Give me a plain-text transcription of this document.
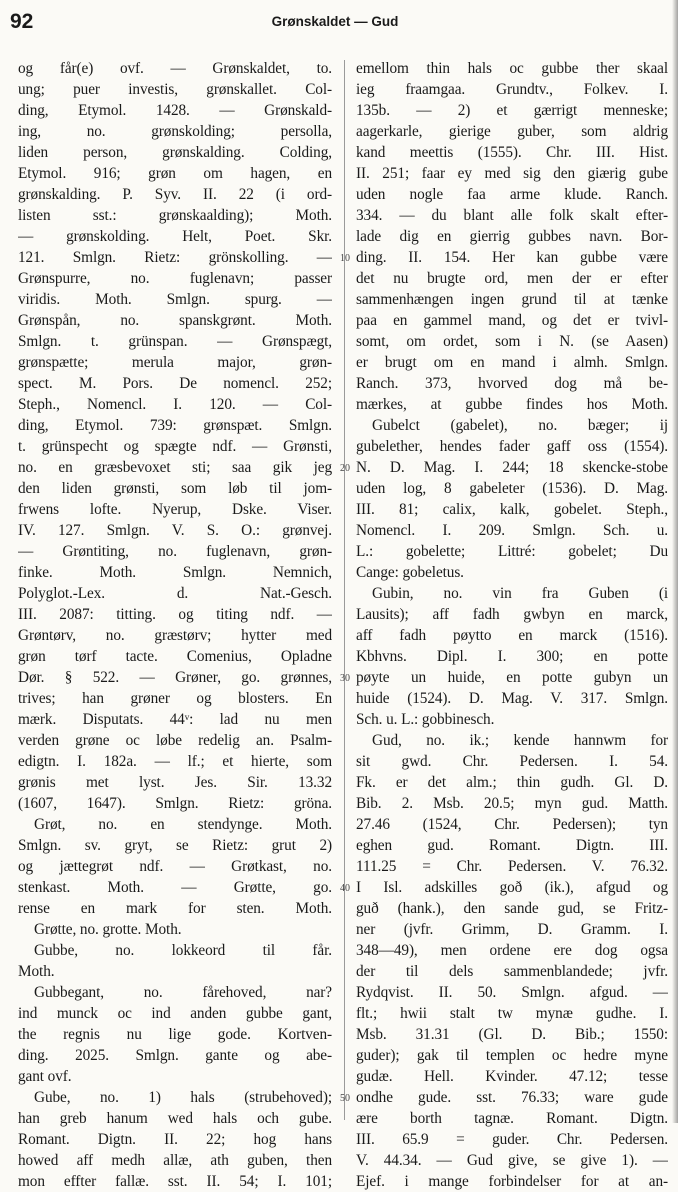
92	Grønskaldet — Gud
og får(e) ovf. — Grønskaldet, to.
ung; puer investis, grønskallet. Col-
ding, Etymol. 1428. — Grønskald-
ing, no. grønskolding; persolla,
liden person, grønskalding. Colding,
Etymol. 916; grøn om hagen, en
grønskalding. P. Syv. II. 22 (i ord-
listen sst.: grønskaalding); Moth.
— grønskolding. Helt, Poet. Skr.
121. Smlgn. Rietz: grönskolling. —
Grønspurre, no. fuglenavn; passer
viridis. Moth. Smlgn. spurg. —
Grønspån, no. spanskgrønt. Moth.
Smlgn. t. grünspan. — Grønspægt,
grønspætte; merula major, grøn-
spect. M. Pors. De nomencl. 252;
Steph., Nomencl. I. 120. — Col-
ding, Etymol. 739: grønspæt. Smlgn.
t. grünspecht og spægte ndf. — Grønsti,
no. en græsbevoxet sti; saa gik jeg
den liden grønsti, som løb til jom-
frwens lofte. Nyerup, Dske. Viser.
IV. 127. Smlgn. V. S. O.: grønvej.
— Grøntiting, no. fuglenavn, grøn-
finke. Moth. Smlgn. Nemnich,
Polyglot.-Lex. d. Nat.-Gesch.
III. 2087: titting. og titing ndf. —
Grøntørv, no. græstørv; hytter med
grøn tørf tacte. Comenius, Opladne
Dør. § 522. — Grøner, go. grønnes,
trives; han grøner og blosters. En
mærk. Disputats. 44ᵛ: lad nu men
verden grøne oc løbe redelig an. Psalm-
edigtn. I. 182a. — lf.; et hierte, som
grønis met lyst. Jes. Sir. 13.32
(1607, 1647). Smlgn. Rietz: gröna.
Grøt, no. en stendynge. Moth.
Smlgn. sv. gryt, se Rietz: grut 2)
og jættegrøt ndf. — Grøtkast, no.
stenkast. Moth. — Grøtte, go.
rense en mark for sten. Moth.
Grøtte, no. grotte. Moth.
Gubbe, no. lokkeord til får.
Moth.
Gubbegant, no. fårehoved, nar?
ind munck oc ind anden gubbe gant,
the regnis nu lige gode. Kortven-
ding. 2025. Smlgn. gante og abe-
gant ovf.
Gube, no. 1) hals (strubehoved);
han greb hanum wed hals och gube.
Romant. Digtn. II. 22; hog hans
howed aff medh allæ, ath guben, then
mon effter fallæ. sst. II. 54; I. 101;
emellom thin hals oc gubbe ther skaal
ieg fraamgaa. Grundtv., Folkev. I.
135b. — 2) et gærrigt menneske;
aagerkarle, gierige guber, som aldrig
kand meettis (1555). Chr. III. Hist.
II. 251; faar ey med sig den giærig gube
uden nogle faa arme klude. Ranch.
334. — du blant alle folk skalt efter-
lade dig en gierrig gubbes navn. Bor-
ding. II. 154. Her kan gubbe være
det nu brugte ord, men der er efter
sammenhængen ingen grund til at tænke
paa en gammel mand, og det er tvivl-
somt, om ordet, som i N. (se Aasen)
er brugt om en mand i almh. Smlgn.
Ranch. 373, hvorved dog må be-
mærkes, at gubbe findes hos Moth.
Gubelct (gabelet), no. bæger; ij
gubelether, hendes fader gaff oss (1554).
N. D. Mag. I. 244; 18 skencke-stobe
uden log, 8 gabeleter (1536). D. Mag.
III. 81; calix, kalk, gobelet. Steph.,
Nomencl. I. 209. Smlgn. Sch. u.
L.: gobelette; Littré: gobelet; Du
Cange: gobeletus.
Gubin, no. vin fra Guben (i
Lausits); aff fadh gwbyn en marck,
aff fadh pøytto en marck (1516).
Kbhvns. Dipl. I. 300; en potte
pøyte un huide, en potte gubyn un
huide (1524). D. Mag. V. 317. Smlgn.
Sch. u. L.: gobbinesch.
Gud, no. ik.; kende hannwm for
sit gwd. Chr. Pedersen. I. 54.
Fk. er det alm.; thin gudh. Gl. D.
Bib. 2. Msb. 20.5; myn gud. Matth.
27.46 (1524, Chr. Pedersen); tyn
eghen gud. Romant. Digtn. III.
111.25 = Chr. Pedersen. V. 76.32.
I Isl. adskilles goð (ik.), afgud og
guð (hank.), den sande gud, se Fritz-
ner (jvfr. Grimm, D. Gramm. I.
348—49), men ordene ere dog ogsa
der til dels sammenblandede; jvfr.
Rydqvist. II. 50. Smlgn. afgud. —
flt.; hwii stalt tw mynæ gudhe. I.
Msb. 31.31 (Gl. D. Bib.; 1550:
guder); gak til templen oc hedre myne
gudæ. Hell. Kvinder. 47.12; tesse
ondhe gude. sst. 76.33; ware gude
ære borth tagnæ. Romant. Digtn.
III. 65.9 = guder. Chr. Pedersen.
V. 44.34. — Gud give, se give 1). —
Ejef. i mange forbindelser for at an-
10
20
30
40
50
